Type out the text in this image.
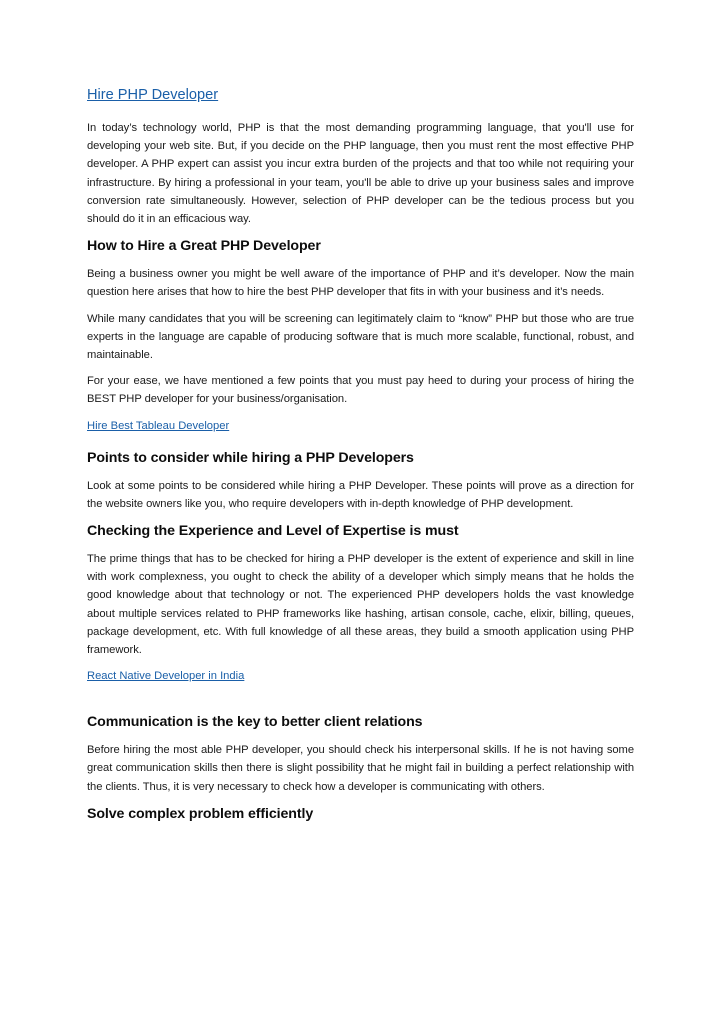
Hire PHP Developer

In today’s technology world, PHP is that the most demanding programming language, that you'll use for developing your web site. But, if you decide on the PHP language, then you must rent the most effective PHP developer. A PHP expert can assist you incur extra burden of the projects and that too while not requiring your infrastructure. By hiring a professional in your team, you'll be able to drive up your business sales and improve conversion rate simultaneously. However, selection of PHP developer can be the tedious process but you should do it in an efficacious way.

How to Hire a Great PHP Developer

Being a business owner you might be well aware of the importance of PHP and it’s developer. Now the main question here arises that how to hire the best PHP developer that fits in with your business and it’s needs.

While many candidates that you will be screening can legitimately claim to “know” PHP but those who are true experts in the language are capable of producing software that is much more scalable, functional, robust, and maintainable.

For your ease, we have mentioned a few points that you must pay heed to during your process of hiring the BEST PHP developer for your business/organisation.

Hire Best Tableau Developer
Points to consider while hiring a PHP Developers

Look at some points to be considered while hiring a PHP Developer. These points will prove as a direction for the website owners like you, who require developers with in-depth knowledge of PHP development.

Checking the Experience and Level of Expertise is must

The prime things that has to be checked for hiring a PHP developer is the extent of experience and skill in line with work complexness, you ought to check the ability of a developer which simply means that he holds the good knowledge about that technology or not. The experienced PHP developers holds the vast knowledge about multiple services related to PHP frameworks like hashing, artisan console, cache, elixir, billing, queues, package development, etc. With full knowledge of all these areas, they build a smooth application using PHP framework.

React Native Developer in India
Communication is the key to better client relations

Before hiring the most able PHP developer, you should check his interpersonal skills. If he is not having some great communication skills then there is slight possibility that he might fail in building a perfect relationship with the clients. Thus, it is very necessary to check how a developer is communicating with others.

Solve complex problem efficiently
